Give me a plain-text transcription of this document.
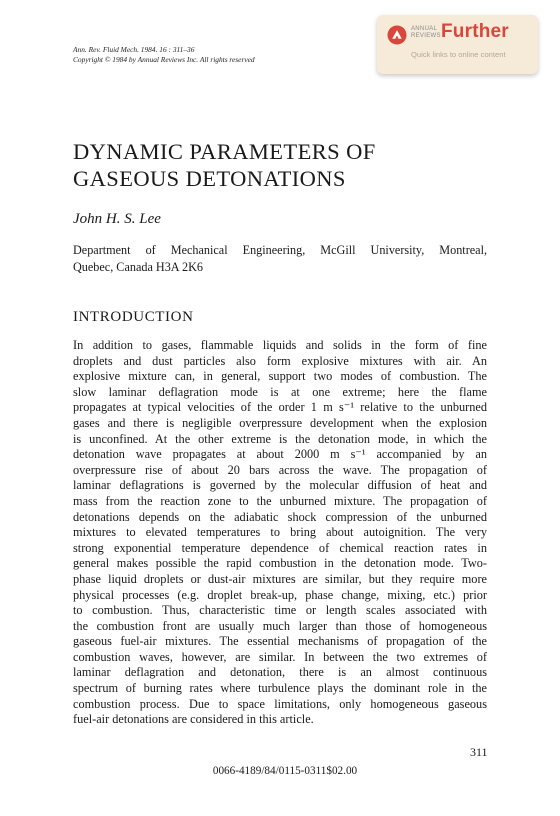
Ann. Rev. Fluid Mech. 1984. 16 : 311–36
Copyright © 1984 by Annual Reviews Inc. All rights reserved
ANNUAL
REVIEWS Further
Quick links to online content
DYNAMIC PARAMETERS OF
GASEOUS DETONATIONS
John H. S. Lee
Department of Mechanical Engineering, McGill University, Montreal,
Quebec, Canada H3A 2K6
INTRODUCTION
In addition to gases, flammable liquids and solids in the form of fine
droplets and dust particles also form explosive mixtures with air. An
explosive mixture can, in general, support two modes of combustion. The
slow laminar deflagration mode is at one extreme; here the flame
propagates at typical velocities of the order 1 m s⁻¹ relative to the unburned
gases and there is negligible overpressure development when the explosion
is unconfined. At the other extreme is the detonation mode, in which the
detonation wave propagates at about 2000 m s⁻¹ accompanied by an
overpressure rise of about 20 bars across the wave. The propagation of
laminar deflagrations is governed by the molecular diffusion of heat and
mass from the reaction zone to the unburned mixture. The propagation of
detonations depends on the adiabatic shock compression of the unburned
mixtures to elevated temperatures to bring about autoignition. The very
strong exponential temperature dependence of chemical reaction rates in
general makes possible the rapid combustion in the detonation mode. Two-
phase liquid droplets or dust-air mixtures are similar, but they require more
physical processes (e.g. droplet break-up, phase change, mixing, etc.) prior
to combustion. Thus, characteristic time or length scales associated with
the combustion front are usually much larger than those of homogeneous
gaseous fuel-air mixtures. The essential mechanisms of propagation of the
combustion waves, however, are similar. In between the two extremes of
laminar deflagration and detonation, there is an almost continuous
spectrum of burning rates where turbulence plays the dominant role in the
combustion process. Due to space limitations, only homogeneous gaseous
fuel-air detonations are considered in this article.
311
0066-4189/84/0115-0311$02.00
